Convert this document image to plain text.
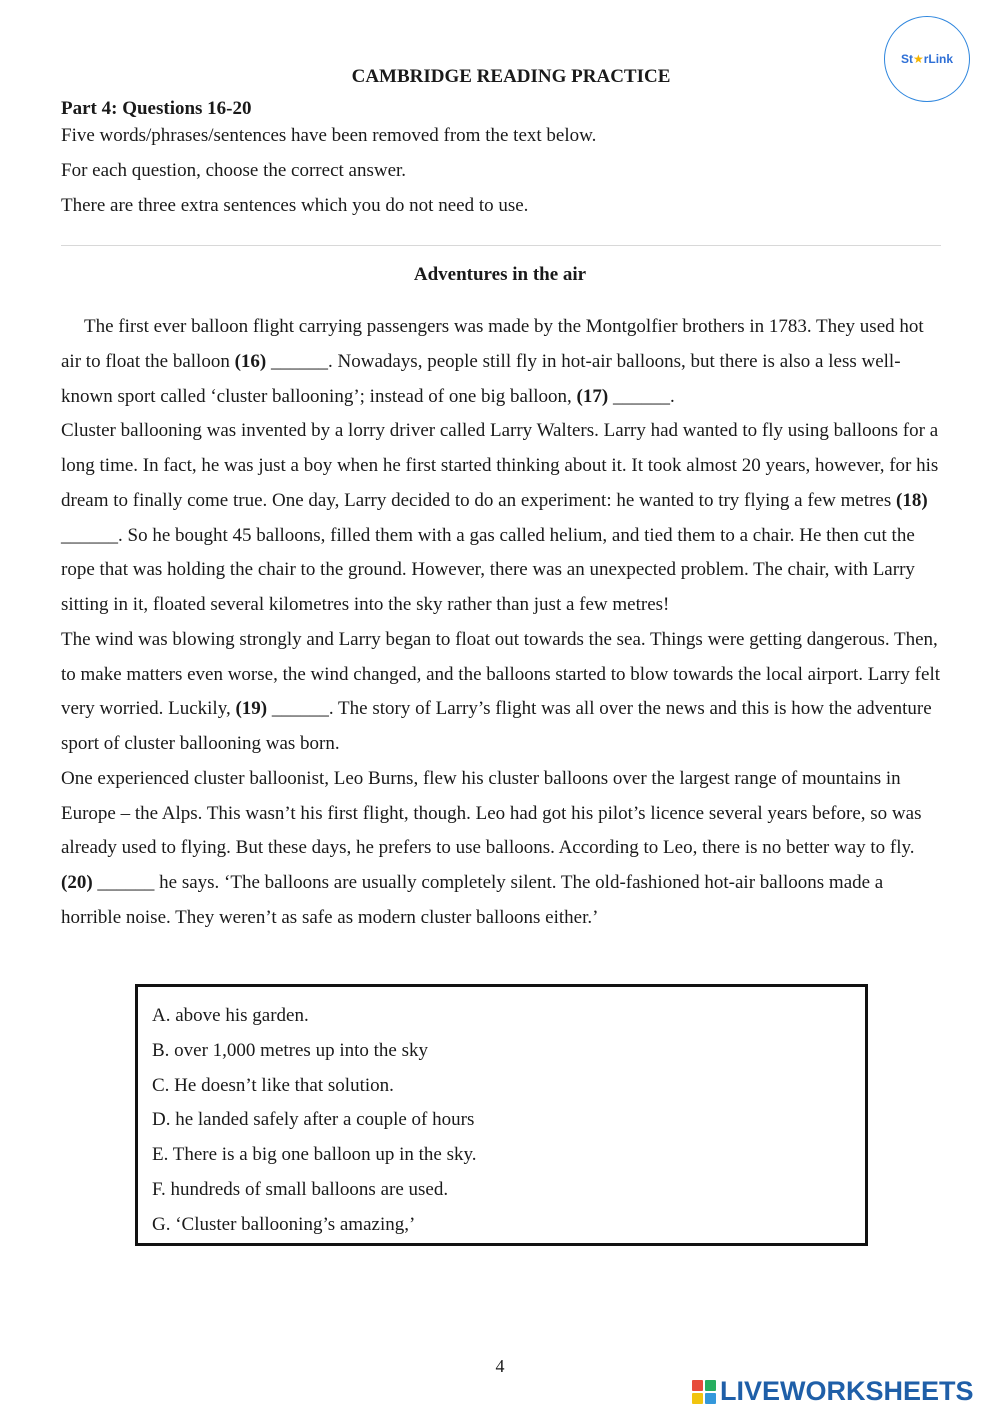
St ★ rLink
CAMBRIDGE READING PRACTICE
Part 4: Questions 16-20
Five words/phrases/sentences have been removed from the text below.
For each question, choose the correct answer.
There are three extra sentences which you do not need to use.
Adventures in the air

The first ever balloon flight carrying passengers was made by the Montgolfier brothers in 1783. They used hot air to float the balloon (16) ______. Nowadays, people still fly in hot-air balloons, but there is also a less well-known sport called ‘cluster ballooning’; instead of one big balloon, (17) ______.

Cluster ballooning was invented by a lorry driver called Larry Walters. Larry had wanted to fly using balloons for a long time. In fact, he was just a boy when he first started thinking about it. It took almost 20 years, however, for his dream to finally come true. One day, Larry decided to do an experiment: he wanted to try flying a few metres (18) ______. So he bought 45 balloons, filled them with a gas called helium, and tied them to a chair. He then cut the rope that was holding the chair to the ground. However, there was an unexpected problem. The chair, with Larry sitting in it, floated several kilometres into the sky rather than just a few metres!

The wind was blowing strongly and Larry began to float out towards the sea. Things were getting dangerous. Then, to make matters even worse, the wind changed, and the balloons started to blow towards the local airport. Larry felt very worried. Luckily, (19) ______. The story of Larry’s flight was all over the news and this is how the adventure sport of cluster ballooning was born.

One experienced cluster balloonist, Leo Burns, flew his cluster balloons over the largest range of mountains in Europe – the Alps. This wasn’t his first flight, though. Leo had got his pilot’s licence several years before, so was already used to flying. But these days, he prefers to use balloons. According to Leo, there is no better way to fly. (20) ______ he says. ‘The balloons are usually completely silent. The old-fashioned hot-air balloons made a horrible noise. They weren’t as safe as modern cluster balloons either.’

A. above his garden.
B. over 1,000 metres up into the sky
C. He doesn’t like that solution.
D. he landed safely after a couple of hours
E. There is a big one balloon up in the sky.
F. hundreds of small balloons are used.
G. ‘Cluster ballooning’s amazing,’
4
LIVEWORKSHEETS
